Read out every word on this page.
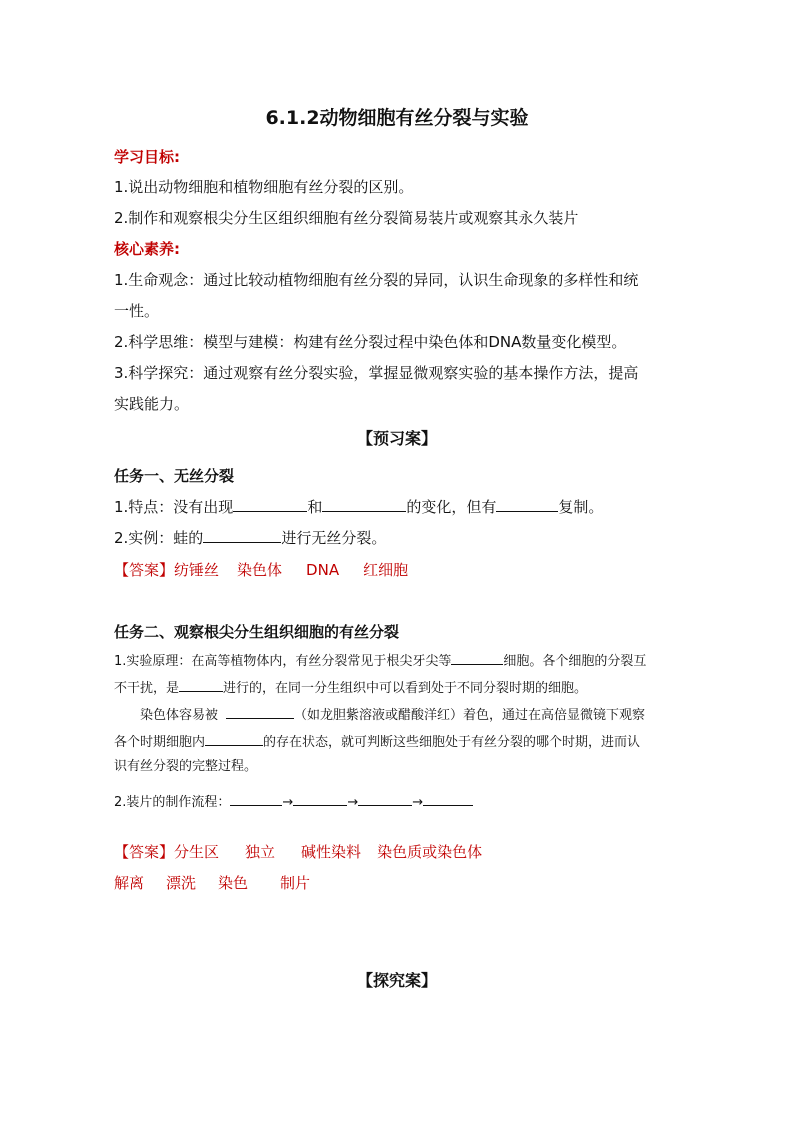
6.1.2动物细胞有丝分裂与实验
学习目标:
1.说出动物细胞和植物细胞有丝分裂的区别。
2.制作和观察根尖分生区组织细胞有丝分裂简易装片或观察其永久装片
核心素养:
1.生命观念：通过比较动植物细胞有丝分裂的异同，认识生命现象的多样性和统
一性。
2.科学思维：模型与建模：构建有丝分裂过程中染色体和DNA数量变化模型。
3.科学探究：通过观察有丝分裂实验，掌握显微观察实验的基本操作方法，提高
实践能力。
【预习案】
任务一、无丝分裂
1.特点：没有出现	和	的变化，但有	复制。
2.实例：蛙的	进行无丝分裂。
【答案】纺锤丝 染色体 DNA 红细胞
任务二、观察根尖分生组织细胞的有丝分裂
1.实验原理：在高等植物体内，有丝分裂常见于根尖牙尖等	细胞。各个细胞的分裂互
不干扰，是	进行的，在同一分生组织中可以看到处于不同分裂时期的细胞。
染色体容易被	（如龙胆紫溶液或醋酸洋红）着色，通过在高倍显微镜下观察
各个时期细胞内	的存在状态，就可判断这些细胞处于有丝分裂的哪个时期，进而认
识有丝分裂的完整过程。
2.装片的制作流程：	→	→	→
【答案】分生区 独立 碱性染料 染色质或染色体
解离 漂洗 染色 制片
【探究案】
